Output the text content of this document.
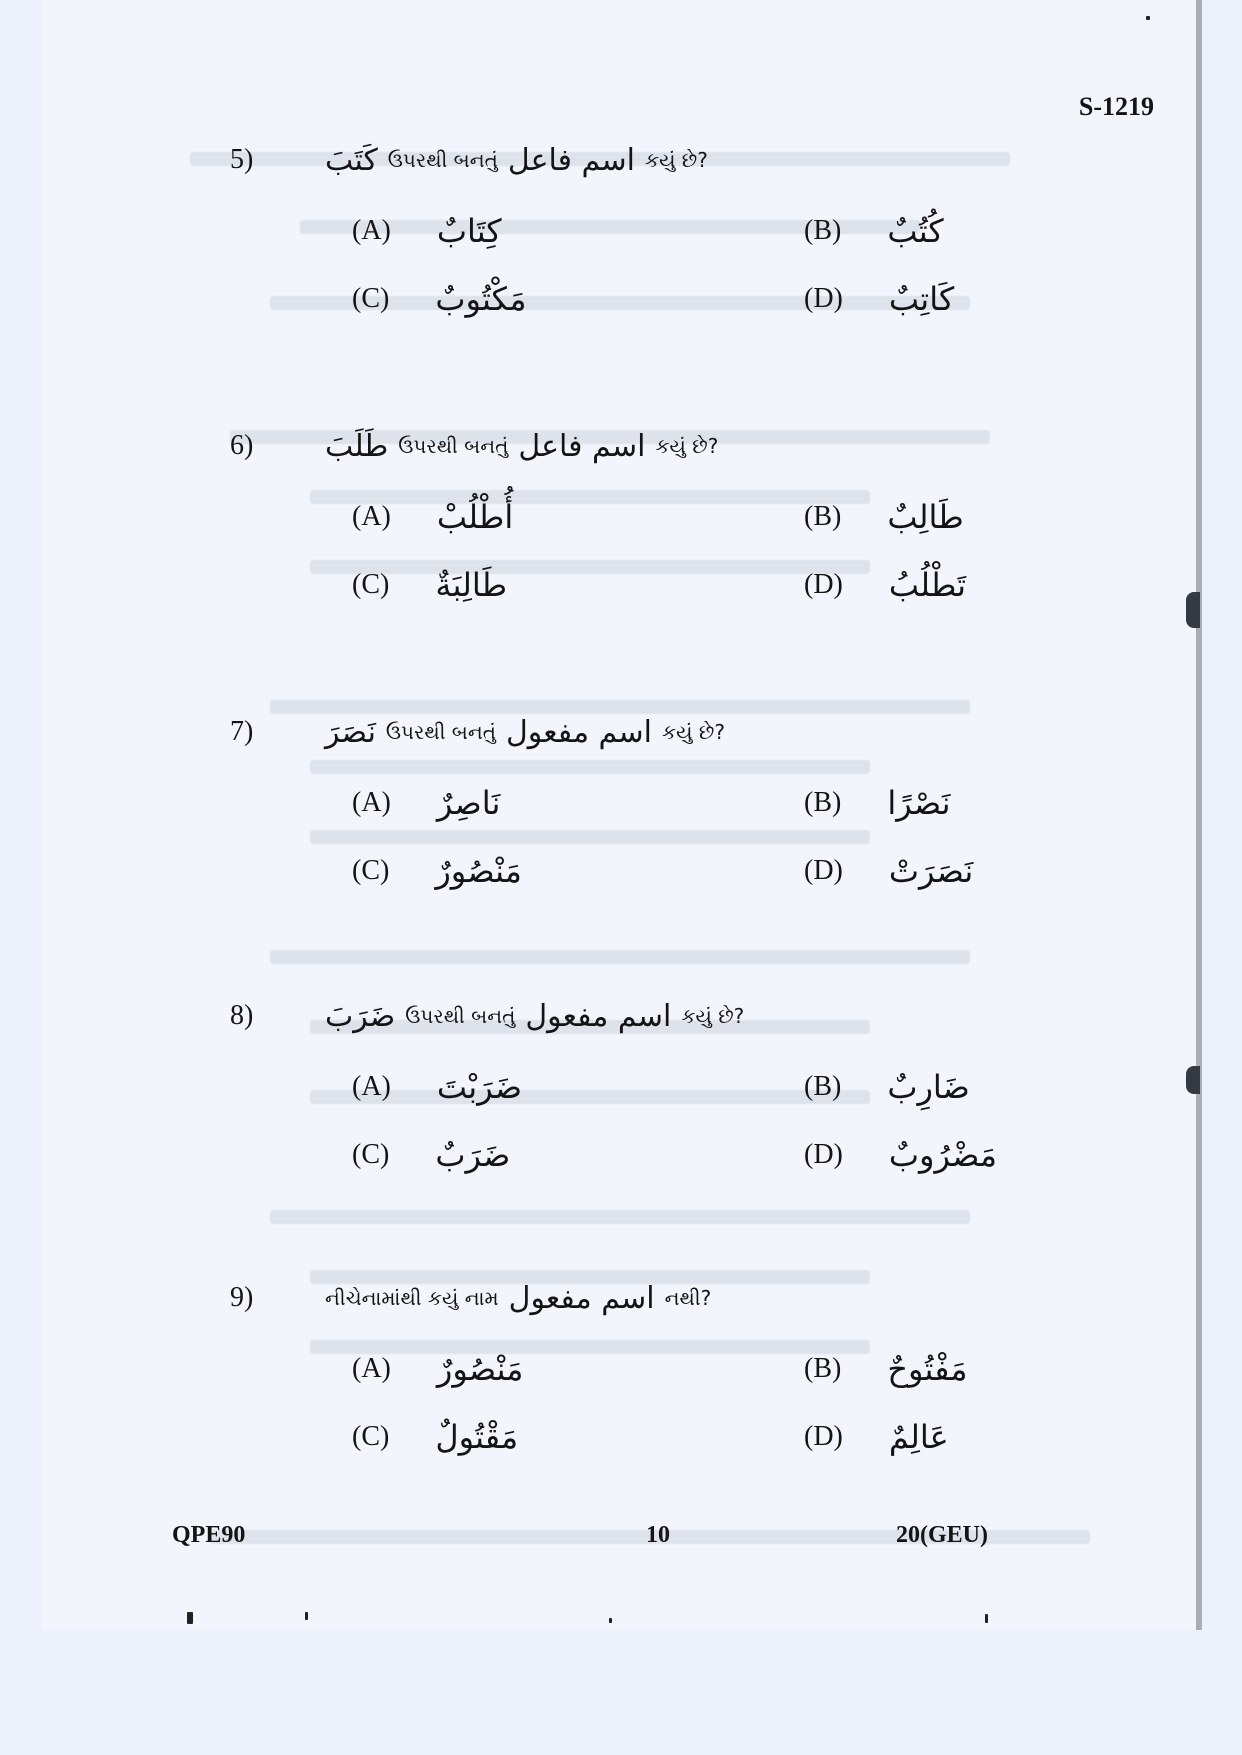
S-1219
5) كَتَبَ ઉપરથી બનતું اسم فاعل કયું છે?
(A) كِتَابٌ	(B) كُتُبٌ
(C) مَكْتُوبٌ	(D) كَاتِبٌ
6) طَلَبَ ઉપરથી બનતું اسم فاعل કયું છે?
(A) أُطْلُبْ	(B) طَالِبٌ
(C) طَالِبَةٌ	(D) تَطْلُبُ
7) نَصَرَ ઉપરથી બનતું اسم مفعول કયું છે?
(A) نَاصِرٌ	(B) نَصْرًا
(C) مَنْصُورٌ	(D) نَصَرَتْ
8) ضَرَبَ ઉપરથી બનતું اسم مفعول કયું છે?
(A) ضَرَبْتَ	(B) ضَارِبٌ
(C) ضَرَبٌ	(D) مَضْرُوبٌ
9)	નીચેનામાંથી કયું નામ اسم مفعول નથી?
(A) مَنْصُورٌ	(B) مَفْتُوحٌ
(C) مَقْتُولٌ	(D) عَالِمٌ
QPE90	10	20(GEU)
